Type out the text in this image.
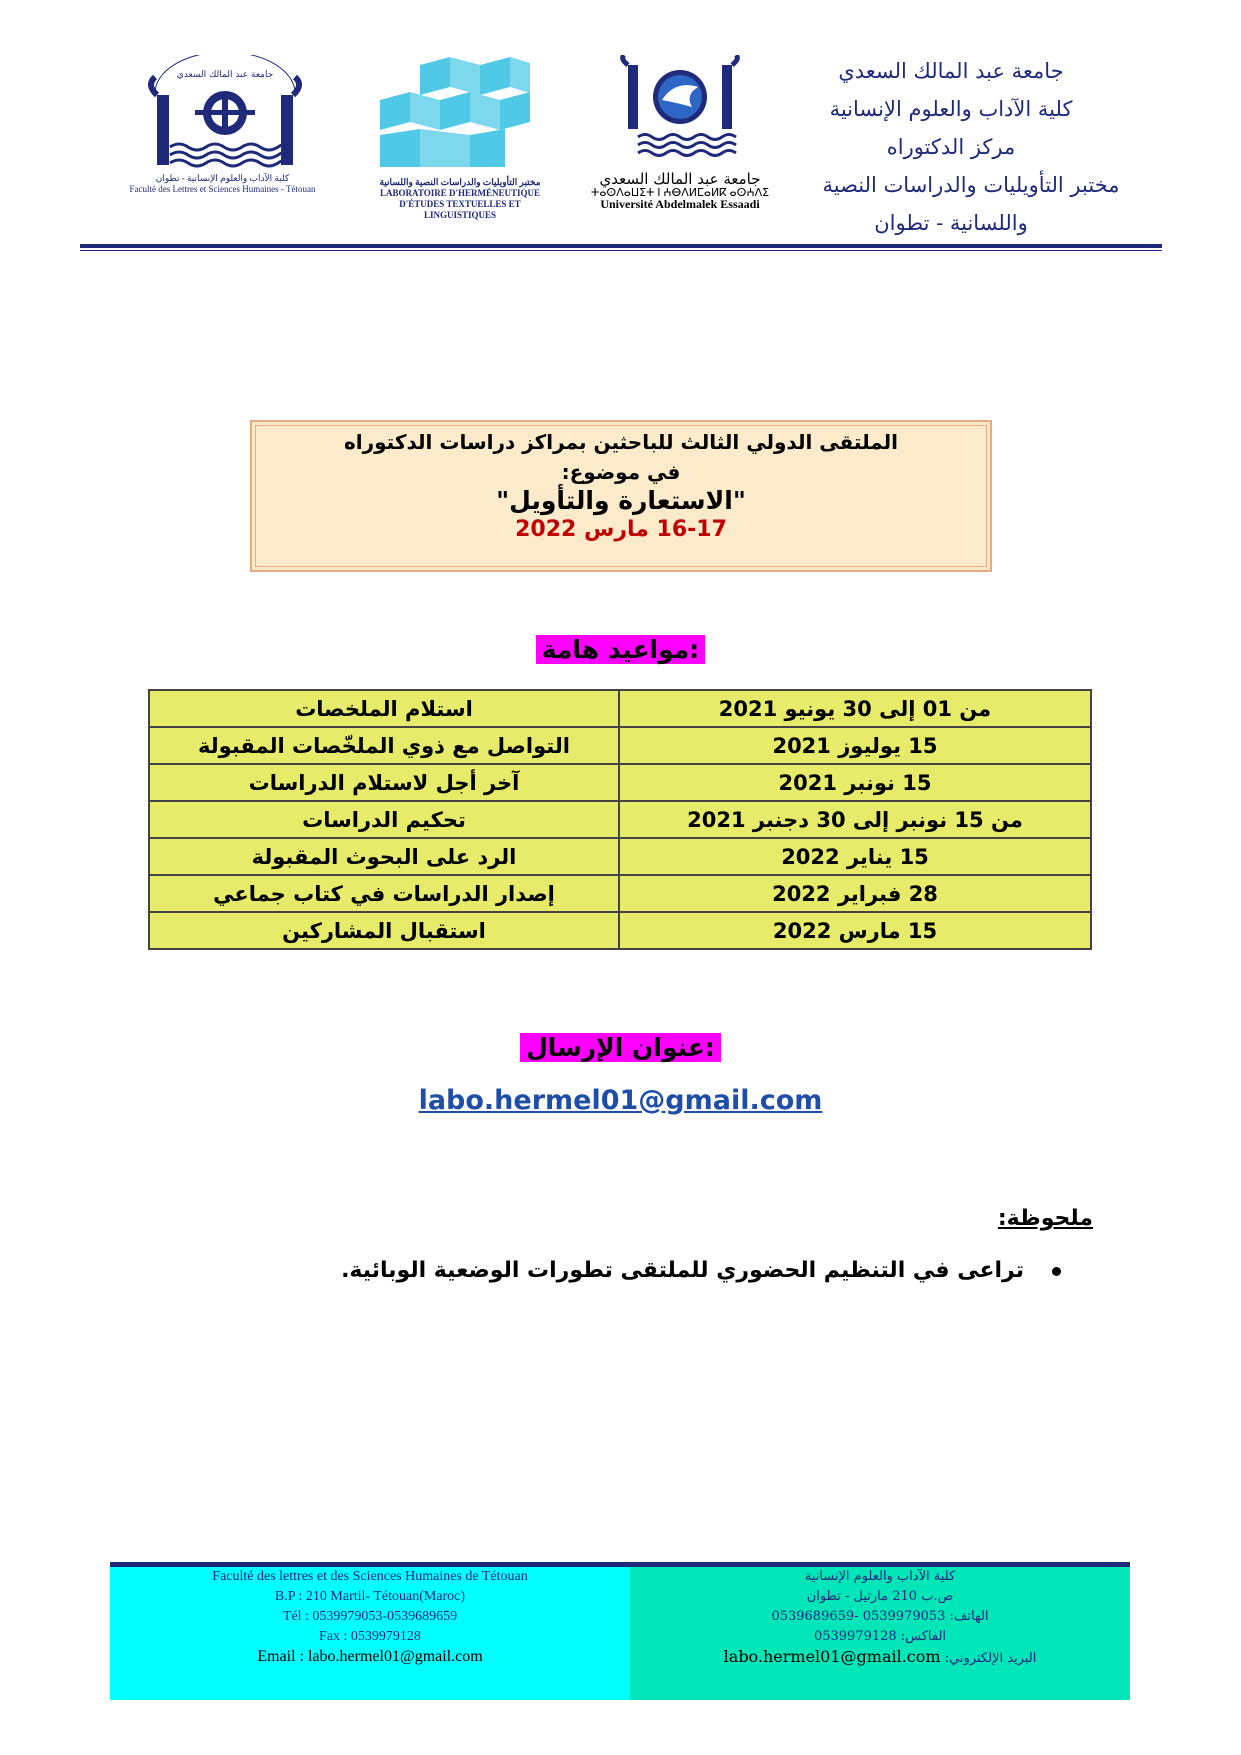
جامعة عبد المالك السعدي
كلية الآداب والعلوم الإنسانية
مركز الدكتوراه
مختبر التأويليات والدراسات النصية
واللسانية - تطوان
جامعة عبد المالك السعدي
كلية الآداب والعلوم الإنسانية - تطوان
Faculté des Lettres et Sciences Humaines - Tétouan
مختبر التأويليات والدراسات النصية واللسانية
LABORATOIRE D'HERMÉNEUTIQUE
D'ÉTUDES TEXTUELLES ET LINGUISTIQUES
جامعة عبد المالك السعدي
ⵜⴰⵙⴷⴰⵡⵉⵜ ⵏ ⵄⴱⴷⵍⵎⴰⵍⴽ ⴰⵙⵄⴷⵉ
Université Abdelmalek Essaadi
الملتقى الدولي الثالث للباحثين بمراكز دراسات الدكتوراه
في موضوع:
"الاستعارة والتأويل"
16-17 مارس 2022
مواعيد هامة:
من 01 إلى 30 يونيو 2021	استلام الملخصات
15 يوليوز 2021	التواصل مع ذوي الملخّصات المقبولة
15 نونبر 2021	آخر أجل لاستلام الدراسات
من 15 نونبر إلى 30 دجنبر 2021	تحكيم الدراسات
15 يناير 2022	الرد على البحوث المقبولة
28 فبراير 2022	إصدار الدراسات في كتاب جماعي
15 مارس 2022	استقبال المشاركين
عنوان الإرسال:
labo.hermel01@gmail.com
ملحوظة:
تراعى في التنظيم الحضوري للملتقى تطورات الوضعية الوبائية.
Faculté des lettres et des Sciences Humaines de Tétouan
B.P : 210 Martil- Tétouan(Maroc)
Tél : 0539979053-0539689659
Fax : 0539979128
Email : labo.hermel01@gmail.com
كلية الآداب والعلوم الإنسانية
ص.ب 210 مارتيل - تطوان
الهاتف: 0539979053 -0539689659
الفاكس: 0539979128
البريد الإلكتروني: labo.hermel01@gmail.com
